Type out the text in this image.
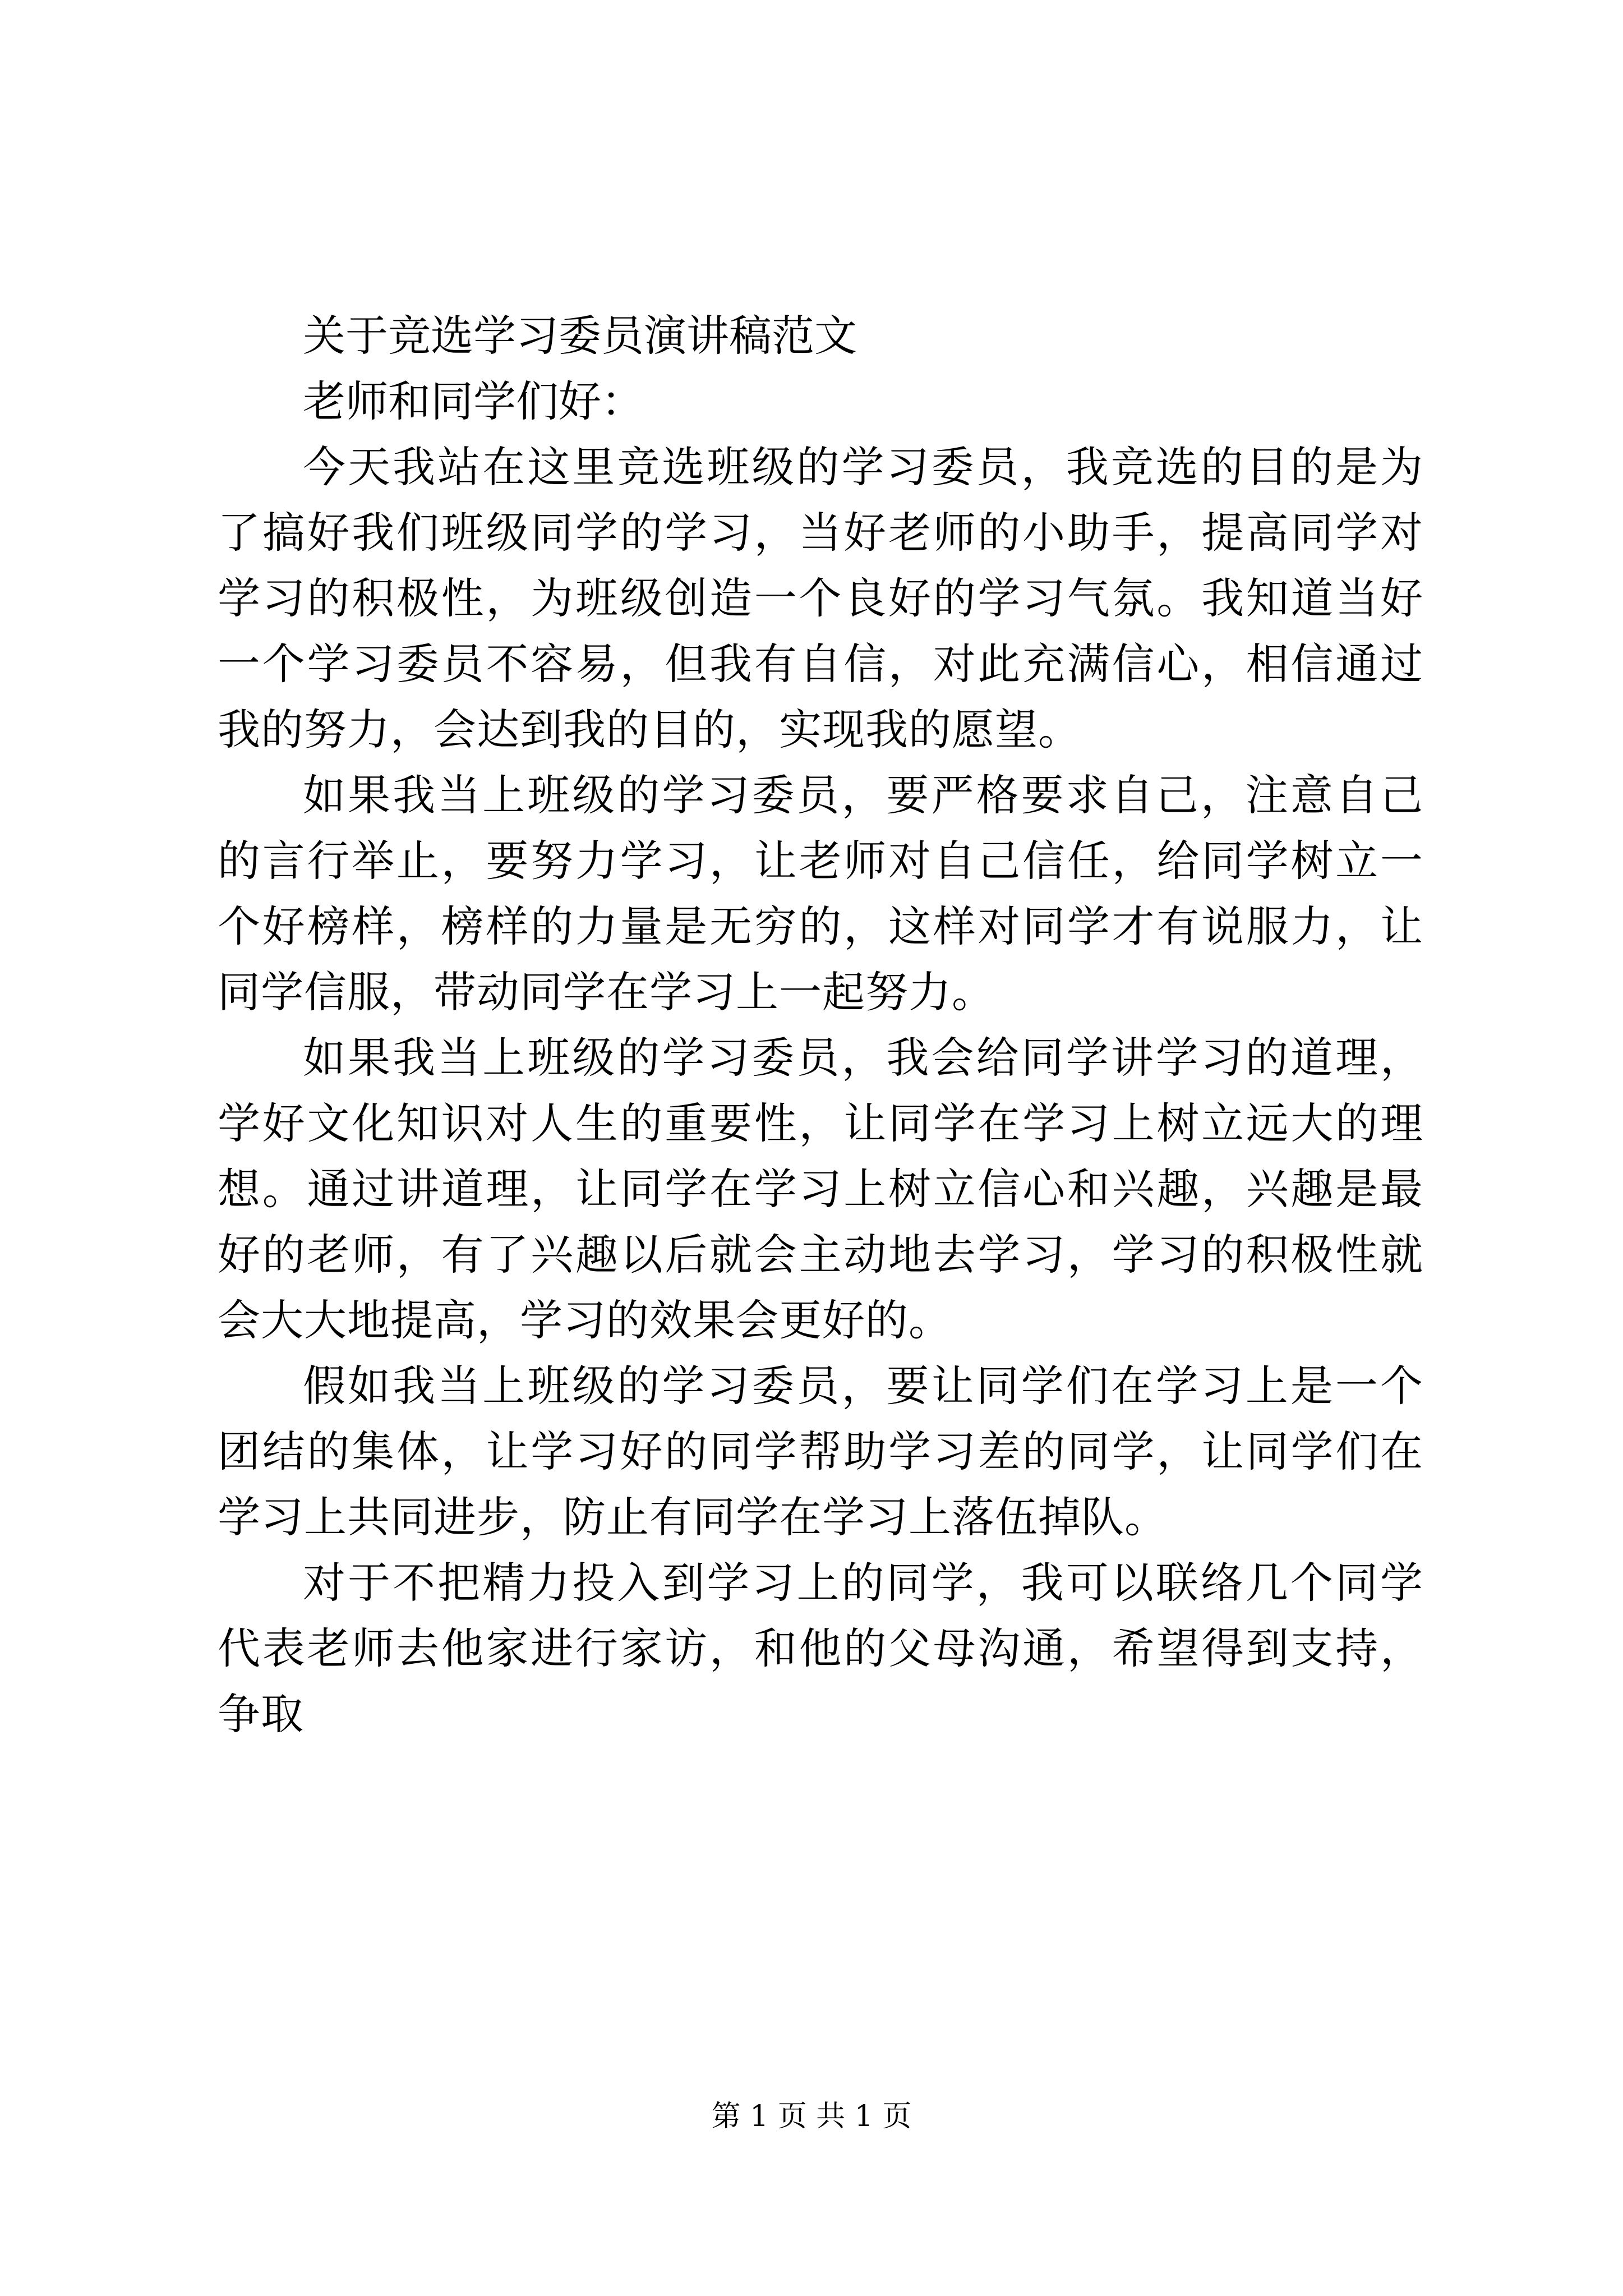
关于竞选学习委员演讲稿范文

老师和同学们好：

今天我站在这里竞选班级的学习委员，我竞选的目的是为了搞好我们班级同学的学习，当好老师的小助手，提高同学对学习的积极性，为班级创造一个良好的学习气氛。我知道当好一个学习委员不容易，但我有自信，对此充满信心，相信通过我的努力，会达到我的目的，实现我的愿望。

如果我当上班级的学习委员，要严格要求自己，注意自己的言行举止，要努力学习，让老师对自己信任，给同学树立一个好榜样，榜样的力量是无穷的，这样对同学才有说服力，让同学信服，带动同学在学习上一起努力。

如果我当上班级的学习委员，我会给同学讲学习的道理，学好文化知识对人生的重要性，让同学在学习上树立远大的理想。通过讲道理，让同学在学习上树立信心和兴趣，兴趣是最好的老师，有了兴趣以后就会主动地去学习，学习的积极性就会大大地提高，学习的效果会更好的。

假如我当上班级的学习委员，要让同学们在学习上是一个团结的集体，让学习好的同学帮助学习差的同学，让同学们在学习上共同进步，防止有同学在学习上落伍掉队。

对于不把精力投入到学习上的同学，我可以联络几个同学代表老师去他家进行家访，和他的父母沟通，希望得到支持，争取

第 1 页 共 1 页
